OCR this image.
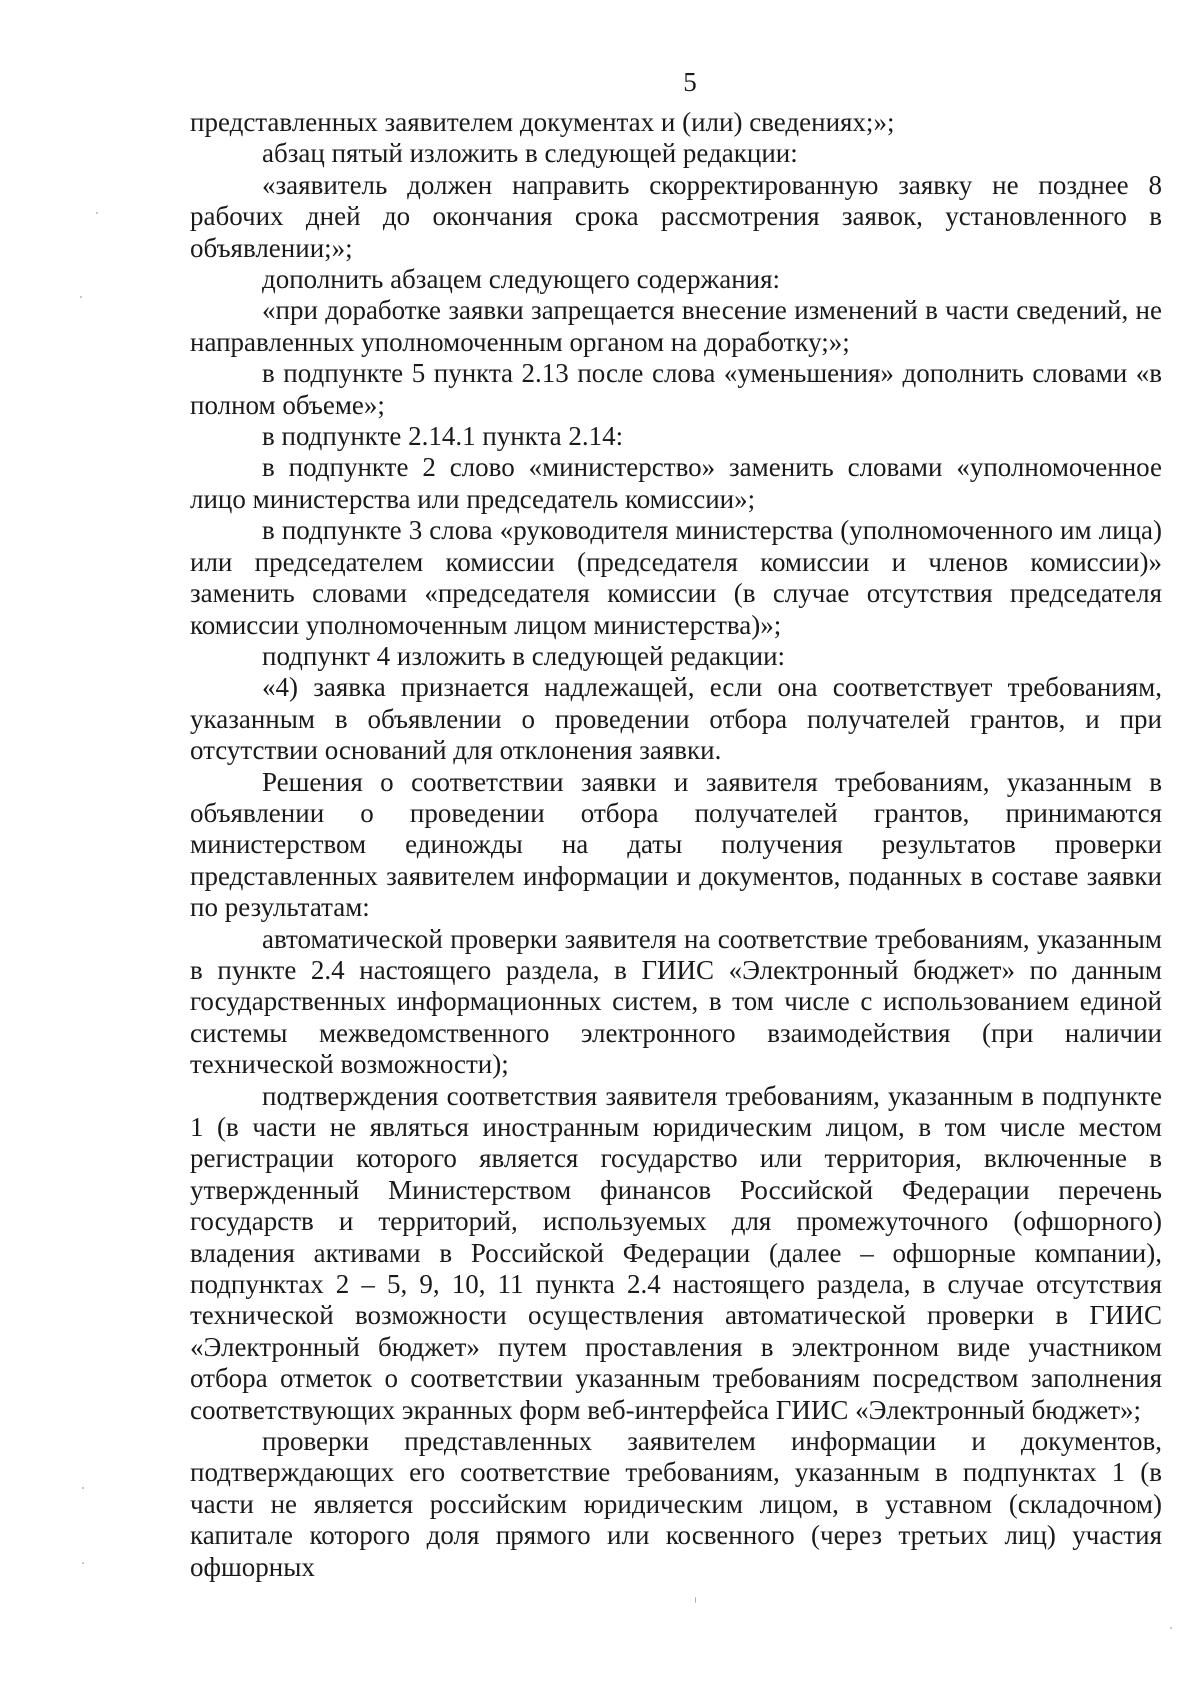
5

представленных заявителем документах и (или) сведениях;»;

абзац пятый изложить в следующей редакции:

«заявитель должен направить скорректированную заявку не позднее 8 рабочих дней до окончания срока рассмотрения заявок, установленного в объявлении;»;

дополнить абзацем следующего содержания:

«при доработке заявки запрещается внесение изменений в части сведений, не направленных уполномоченным органом на доработку;»;

в подпункте 5 пункта 2.13 после слова «уменьшения» дополнить словами «в полном объеме»;

в подпункте 2.14.1 пункта 2.14:

в подпункте 2 слово «министерство» заменить словами «уполномоченное лицо министерства или председатель комиссии»;

в подпункте 3 слова «руководителя министерства (уполномоченного им лица) или председателем комиссии (председателя комиссии и членов комиссии)» заменить словами «председателя комиссии (в случае отсутствия председателя комиссии уполномоченным лицом министерства)»;

подпункт 4 изложить в следующей редакции:

«4) заявка признается надлежащей, если она соответствует требованиям, указанным в объявлении о проведении отбора получателей грантов, и при отсутствии оснований для отклонения заявки.

Решения о соответствии заявки и заявителя требованиям, указанным в объявлении о проведении отбора получателей грантов, принимаются министерством единожды на даты получения результатов проверки представленных заявителем информации и документов, поданных в составе заявки по результатам:

автоматической проверки заявителя на соответствие требованиям, указанным в пункте 2.4 настоящего раздела, в ГИИС «Электронный бюджет» по данным государственных информационных систем, в том числе с использованием единой системы межведомственного электронного взаимодействия (при наличии технической возможности);

подтверждения соответствия заявителя требованиям, указанным в подпункте 1 (в части не являться иностранным юридическим лицом, в том числе местом регистрации которого является государство или территория, включенные в утвержденный Министерством финансов Российской Федерации перечень государств и территорий, используемых для промежуточного (офшорного) владения активами в Российской Федерации (далее – офшорные компании), подпунктах 2 – 5, 9, 10, 11 пункта 2.4 настоящего раздела, в случае отсутствия технической возможности осуществления автоматической проверки в ГИИС «Электронный бюджет» путем проставления в электронном виде участником отбора отметок о соответствии указанным требованиям посредством заполнения соответствующих экранных форм веб-интерфейса ГИИС «Электронный бюджет»;

проверки представленных заявителем информации и документов, подтверждающих его соответствие требованиям, указанным в подпунктах 1 (в части не является российским юридическим лицом, в уставном (складочном) капитале которого доля прямого или косвенного (через третьих лиц) участия офшорных
